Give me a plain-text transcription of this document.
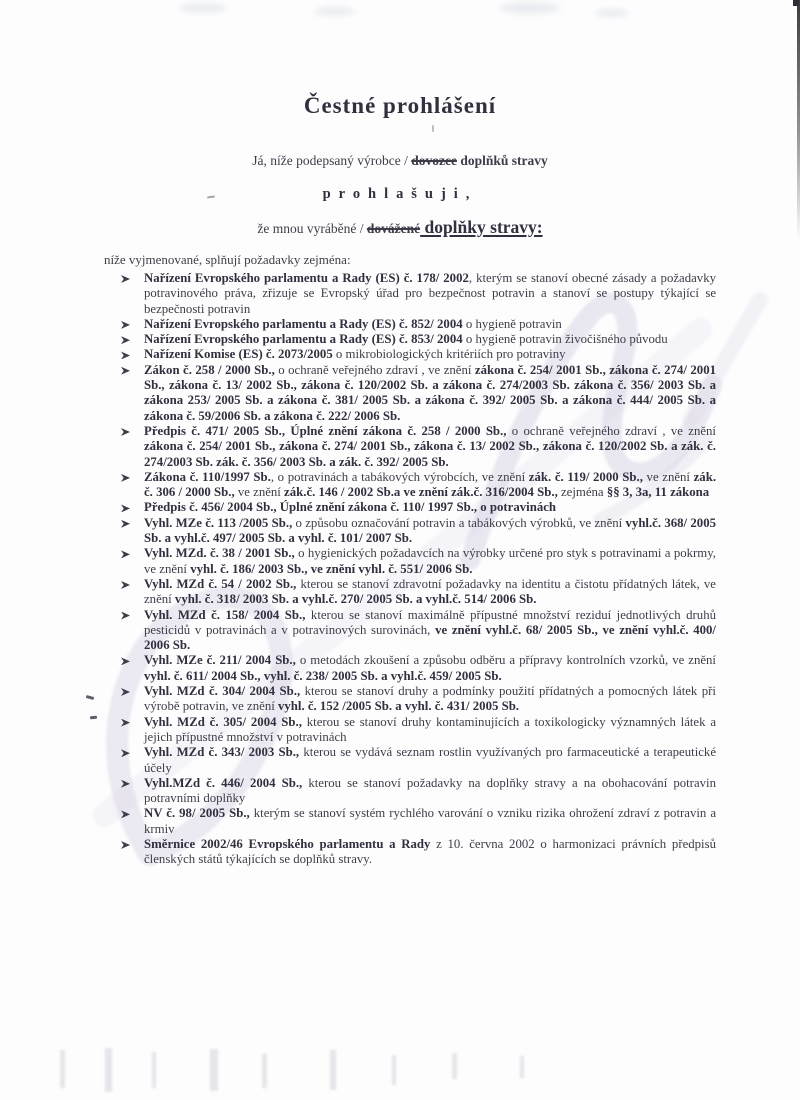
Čestné prohlášení
Já, níže podepsaný výrobce / dovozce doplňků stravy
prohlašuji,
že mnou vyráběné / dovážené doplňky stravy:
níže vyjmenované, splňují požadavky zejména:
Nařízení Evropského parlamentu a Rady (ES) č. 178/ 2002, kterým se stanoví obecné zásady a požadavky potravinového práva, zřizuje se Evropský úřad pro bezpečnost potravin a stanoví se postupy týkající se bezpečnosti potravin
Nařízení Evropského parlamentu a Rady (ES) č. 852/ 2004 o hygieně potravin
Nařízení Evropského parlamentu a Rady (ES) č. 853/ 2004 o hygieně potravin živočišného původu
Nařízení Komise (ES) č. 2073/2005 o mikrobiologických kritériích pro potraviny
Zákon č. 258 / 2000 Sb., o ochraně veřejného zdraví , ve znění zákona č. 254/ 2001 Sb., zákona č. 274/ 2001 Sb., zákona č. 13/ 2002 Sb., zákona č. 120/2002 Sb. a zákona č. 274/2003 Sb. zákona č. 356/ 2003 Sb. a zákona 253/ 2005 Sb. a zákona č. 381/ 2005 Sb. a zákona č. 392/ 2005 Sb. a zákona č. 444/ 2005 Sb. a zákona č. 59/2006 Sb. a zákona č. 222/ 2006 Sb.
Předpis č. 471/ 2005 Sb., Úplné znění zákona č. 258 / 2000 Sb., o ochraně veřejného zdraví , ve znění zákona č. 254/ 2001 Sb., zákona č. 274/ 2001 Sb., zákona č. 13/ 2002 Sb., zákona č. 120/2002 Sb. a zák. č. 274/2003 Sb. zák. č. 356/ 2003 Sb. a zák. č. 392/ 2005 Sb.
Zákona č. 110/1997 Sb., o potravinách a tabákových výrobcích, ve znění zák. č. 119/ 2000 Sb., ve znění zák. č. 306 / 2000 Sb., ve znění zák.č. 146 / 2002 Sb.a ve znění zák.č. 316/2004 Sb., zejména §§ 3, 3a, 11 zákona
Předpis č. 456/ 2004 Sb., Úplné znění zákona č. 110/ 1997 Sb., o potravinách
Vyhl. MZe č. 113 /2005 Sb., o způsobu označování potravin a tabákových výrobků, ve znění vyhl.č. 368/ 2005 Sb. a vyhl.č. 497/ 2005 Sb. a vyhl. č. 101/ 2007 Sb.
Vyhl. MZd. č. 38 / 2001 Sb., o hygienických požadavcích na výrobky určené pro styk s potravinami a pokrmy, ve znění vyhl. č. 186/ 2003 Sb., ve znění vyhl. č. 551/ 2006 Sb.
Vyhl. MZd č. 54 / 2002 Sb., kterou se stanoví zdravotní požadavky na identitu a čistotu přídatných látek, ve znění vyhl. č. 318/ 2003 Sb. a vyhl.č. 270/ 2005 Sb. a vyhl.č. 514/ 2006 Sb.
Vyhl. MZd č. 158/ 2004 Sb., kterou se stanoví maximálně přípustné množství reziduí jednotlivých druhů pesticidů v potravinách a v potravinových surovinách, ve znění vyhl.č. 68/ 2005 Sb., ve znění vyhl.č. 400/ 2006 Sb.
Vyhl. MZe č. 211/ 2004 Sb., o metodách zkoušení a způsobu odběru a přípravy kontrolních vzorků, ve znění vyhl. č. 611/ 2004 Sb., vyhl. č. 238/ 2005 Sb. a vyhl.č. 459/ 2005 Sb.
Vyhl. MZd č. 304/ 2004 Sb., kterou se stanoví druhy a podmínky použití přídatných a pomocných látek při výrobě potravin, ve znění vyhl. č. 152 /2005 Sb. a vyhl. č. 431/ 2005 Sb.
Vyhl. MZd č. 305/ 2004 Sb., kterou se stanoví druhy kontaminujících a toxikologicky významných látek a jejich přípustné množství v potravinách
Vyhl. MZd č. 343/ 2003 Sb., kterou se vydává seznam rostlin využívaných pro farmaceutické a terapeutické účely
Vyhl.MZd č. 446/ 2004 Sb., kterou se stanoví požadavky na doplňky stravy a na obohacování potravin potravními doplňky
NV č. 98/ 2005 Sb., kterým se stanoví systém rychlého varování o vzniku rizika ohrožení zdraví z potravin a krmiv
Směrnice 2002/46 Evropského parlamentu a Rady z 10. června 2002 o harmonizaci právních předpisů členských států týkajících se doplňků stravy.
